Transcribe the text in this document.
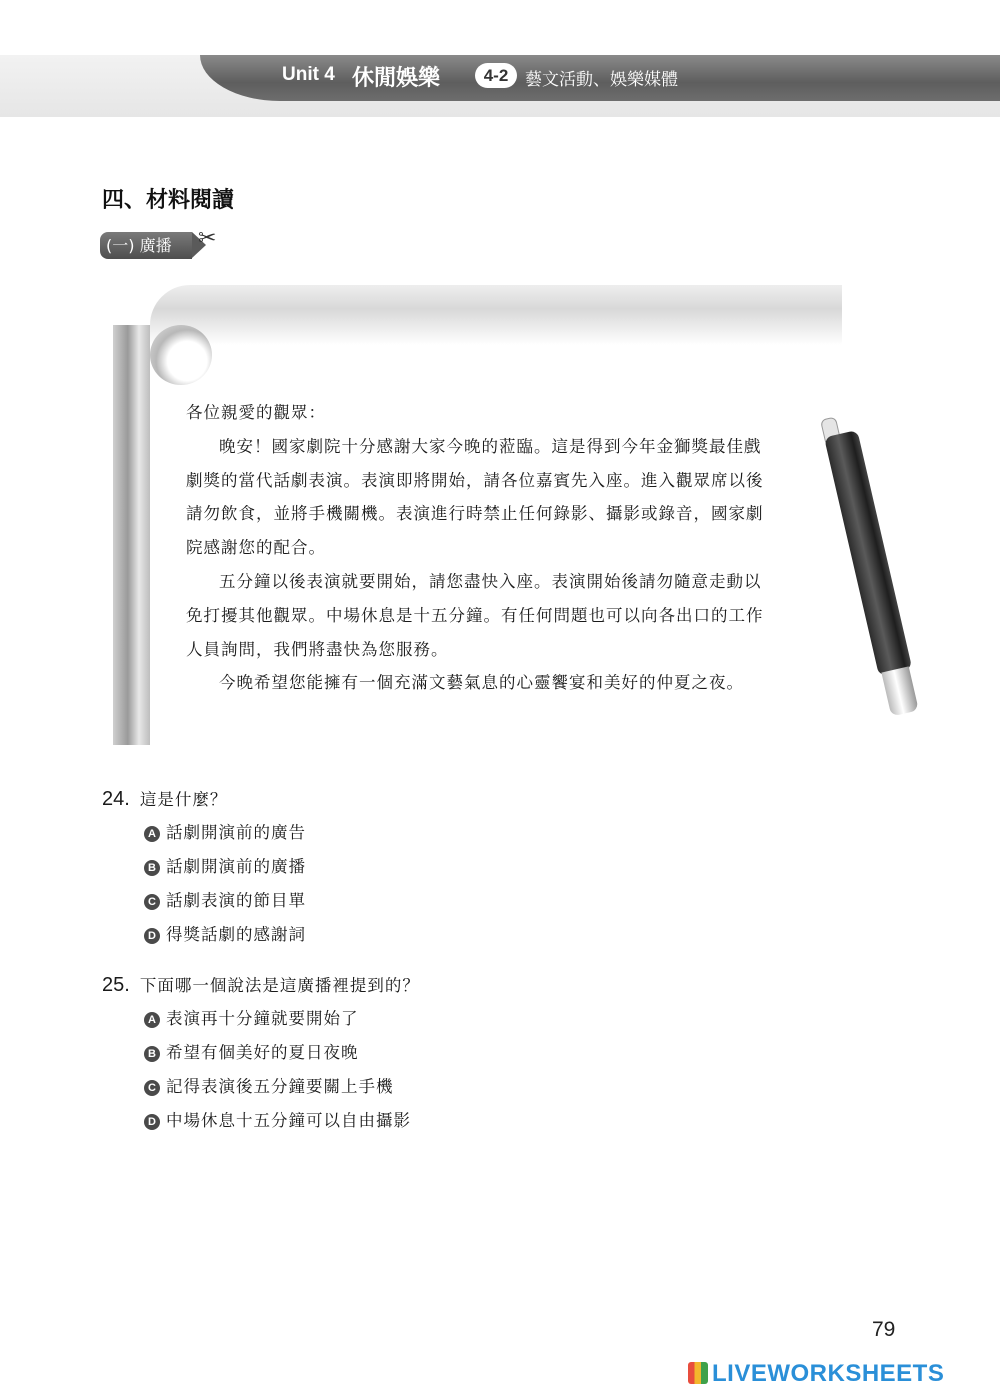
Unit 4 休閒娛樂	4-2 藝文活動、娛樂媒體
四、材料閱讀
(一) 廣播	✂

各位親愛的觀眾：

晚安！國家劇院十分感謝大家今晚的蒞臨。這是得到今年金獅獎最佳戲劇獎的當代話劇表演。表演即將開始，請各位嘉賓先入座。進入觀眾席以後請勿飲食，並將手機關機。表演進行時禁止任何錄影、攝影或錄音，國家劇院感謝您的配合。

五分鐘以後表演就要開始，請您盡快入座。表演開始後請勿隨意走動以免打擾其他觀眾。中場休息是十五分鐘。有任何問題也可以向各出口的工作人員詢問，我們將盡快為您服務。

今晚希望您能擁有一個充滿文藝氣息的心靈饗宴和美好的仲夏之夜。

24. 這是什麼？
A 話劇開演前的廣告
B 話劇開演前的廣播
C 話劇表演的節目單
D 得獎話劇的感謝詞
25. 下面哪一個說法是這廣播裡提到的？
A 表演再十分鐘就要開始了
B 希望有個美好的夏日夜晚
C 記得表演後五分鐘要關上手機
D 中場休息十五分鐘可以自由攝影
79
LIVEWORKSHEETS
